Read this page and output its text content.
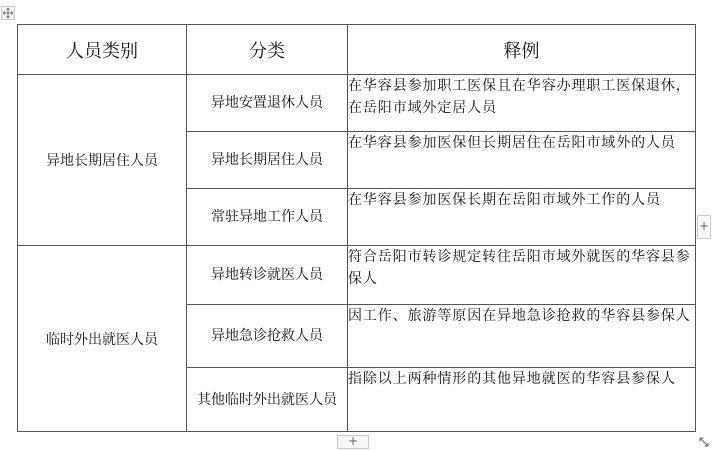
人员类别	分类	释例
异地长期居住人员	异地安置退休人员	在华容县参加职工医保且在华容办理职工医保退休，在岳阳市域外定居人员
	异地长期居住人员	在华容县参加医保但长期居住在岳阳市域外的人员
	常驻异地工作人员	在华容县参加医保长期在岳阳市域外工作的人员
临时外出就医人员	异地转诊就医人员	符合岳阳市转诊规定转往岳阳市域外就医的华容县参保人
	异地急诊抢救人员	因工作、旅游等原因在异地急诊抢救的华容县参保人
	其他临时外出就医人员	指除以上两种情形的其他异地就医的华容县参保人
+
+
